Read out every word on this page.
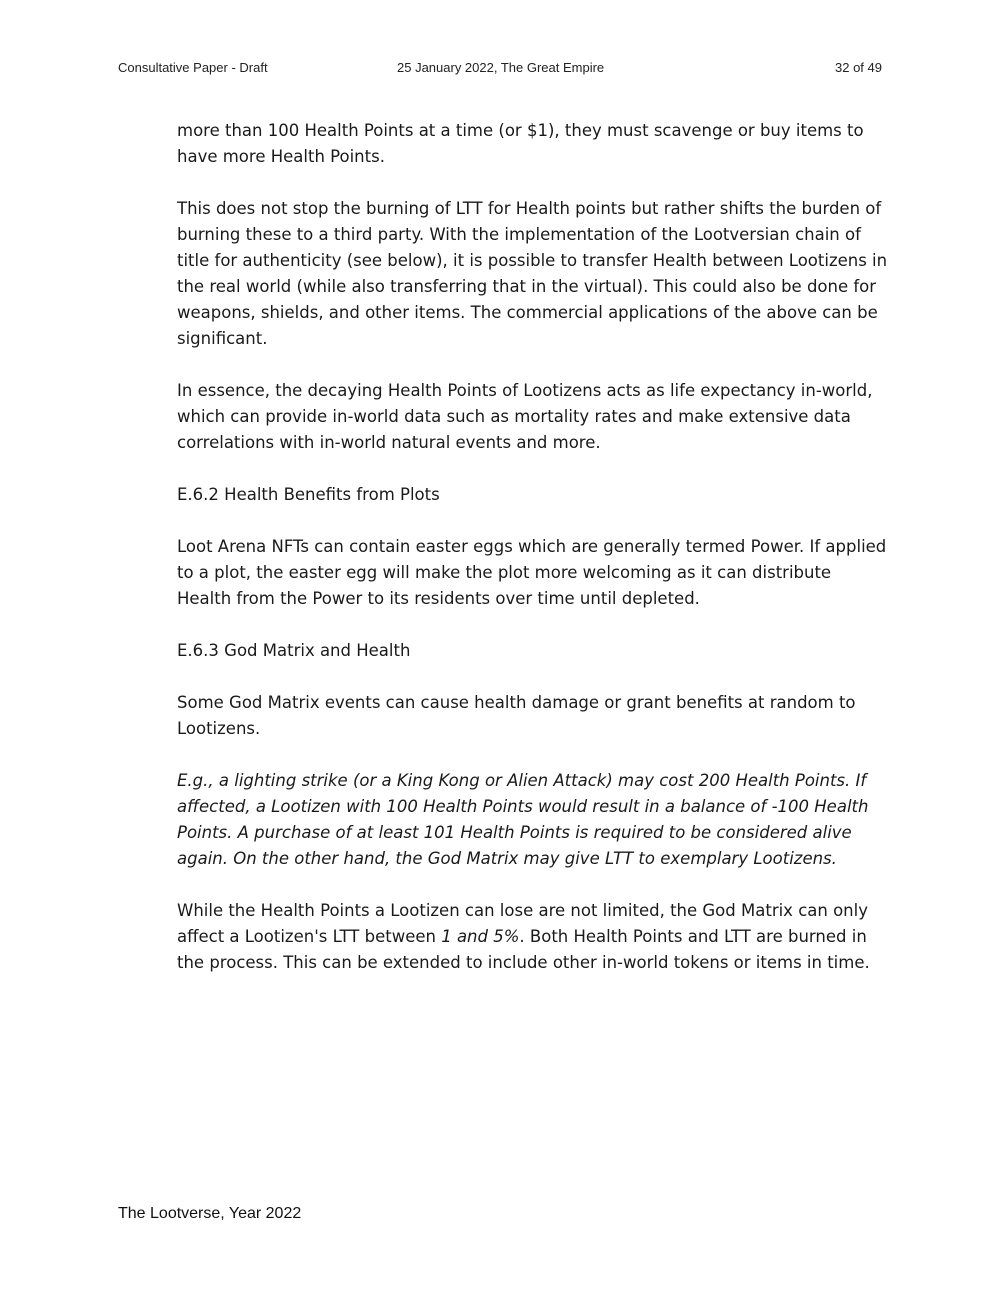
Consultative Paper - Draft	25 January 2022, The Great Empire	32 of 49

more than 100 Health Points at a time (or $1), they must scavenge or buy items to have more Health Points.

This does not stop the burning of LTT for Health points but rather shifts the burden of burning these to a third party. With the implementation of the Lootversian chain of title for authenticity (see below), it is possible to transfer Health between Lootizens in the real world (while also transferring that in the virtual). This could also be done for weapons, shields, and other items. The commercial applications of the above can be significant.

In essence, the decaying Health Points of Lootizens acts as life expectancy in-world, which can provide in-world data such as mortality rates and make extensive data correlations with in-world natural events and more.

E.6.2 Health Benefits from Plots

Loot Arena NFTs can contain easter eggs which are generally termed Power. If applied to a plot, the easter egg will make the plot more welcoming as it can distribute Health from the Power to its residents over time until depleted.

E.6.3 God Matrix and Health

Some God Matrix events can cause health damage or grant benefits at random to Lootizens.

E.g., a lighting strike (or a King Kong or Alien Attack) may cost 200 Health Points. If affected, a Lootizen with 100 Health Points would result in a balance of -100 Health Points. A purchase of at least 101 Health Points is required to be considered alive again. On the other hand, the God Matrix may give LTT to exemplary Lootizens.

While the Health Points a Lootizen can lose are not limited, the God Matrix can only affect a Lootizen's LTT between 1 and 5%. Both Health Points and LTT are burned in the process. This can be extended to include other in-world tokens or items in time.

The Lootverse, Year 2022
